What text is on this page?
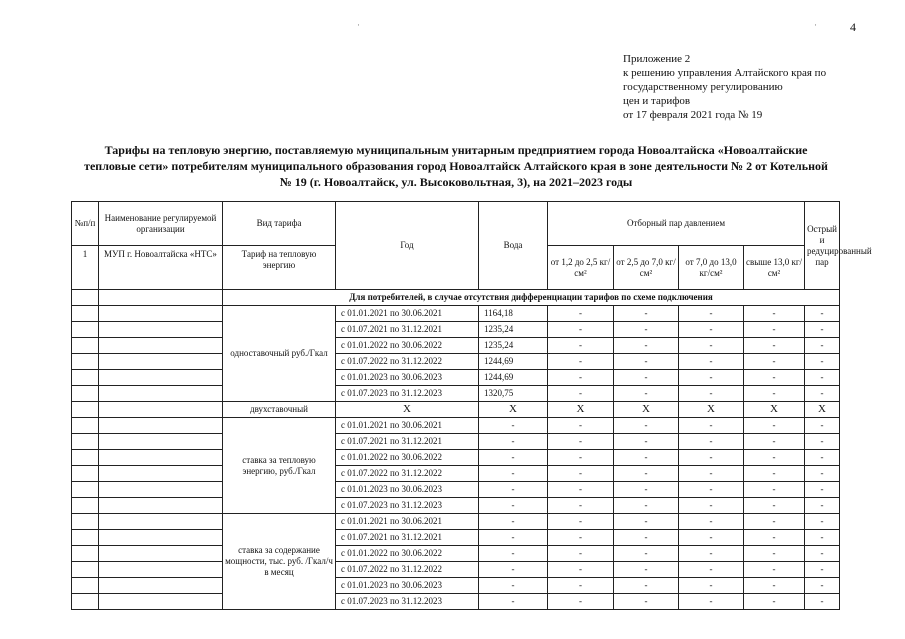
4
·	·
Приложение 2
к решению управления Алтайского края по
государственному регулированию
цен и тарифов
от 17 февраля 2021 года № 19
Тарифы на тепловую энергию, поставляемую муниципальным унитарным предприятием города Новоалтайска «Новоалтайские тепловые сети» потребителям муниципального образования город Новоалтайск Алтайского края в зоне деятельности № 2 от Котельной № 19 (г. Новоалтайск, ул. Высоковольтная, 3), на 2021–2023 годы
№п/п	Наименование регулируемой организации	Вид тарифа	Год	Вода	Отборный пар давлением				Острый и редуцированный пар
1	МУП г. Новоалтайска «НТС»	Тариф на тепловую энергию			от 1,2 до 2,5 кг/см²	от 2,5 до 7,0 кг/см²	от 7,0 до 13,0 кг/см²	свыше 13,0 кг/см²	
		Для потребителей, в случае отсутствия дифференциации тарифов по схеме подключения							
		одноставочный руб./Гкал	с 01.01.2021 по 30.06.2021	1164,18	-	-	-	-	-
			с 01.07.2021 по 31.12.2021	1235,24	-	-	-	-	-
			с 01.01.2022 по 30.06.2022	1235,24	-	-	-	-	-
			с 01.07.2022 по 31.12.2022	1244,69	-	-	-	-	-
			с 01.01.2023 по 30.06.2023	1244,69	-	-	-	-	-
			с 01.07.2023 по 31.12.2023	1320,75	-	-	-	-	-
		двухставочный	X	X	X	X	X	X	X
		ставка за тепловую энергию, руб./Гкал	с 01.01.2021 по 30.06.2021	-	-	-	-	-	-
			с 01.07.2021 по 31.12.2021	-	-	-	-	-	-
			с 01.01.2022 по 30.06.2022	-	-	-	-	-	-
			с 01.07.2022 по 31.12.2022	-	-	-	-	-	-
			с 01.01.2023 по 30.06.2023	-	-	-	-	-	-
			с 01.07.2023 по 31.12.2023	-	-	-	-	-	-
		ставка за содержание мощности, тыс. руб. /Гкал/ч в месяц	с 01.01.2021 по 30.06.2021	-	-	-	-	-	-
			с 01.07.2021 по 31.12.2021	-	-	-	-	-	-
			с 01.01.2022 по 30.06.2022	-	-	-	-	-	-
			с 01.07.2022 по 31.12.2022	-	-	-	-	-	-
			с 01.01.2023 по 30.06.2023	-	-	-	-	-	-
			с 01.07.2023 по 31.12.2023	-	-	-	-	-	-
